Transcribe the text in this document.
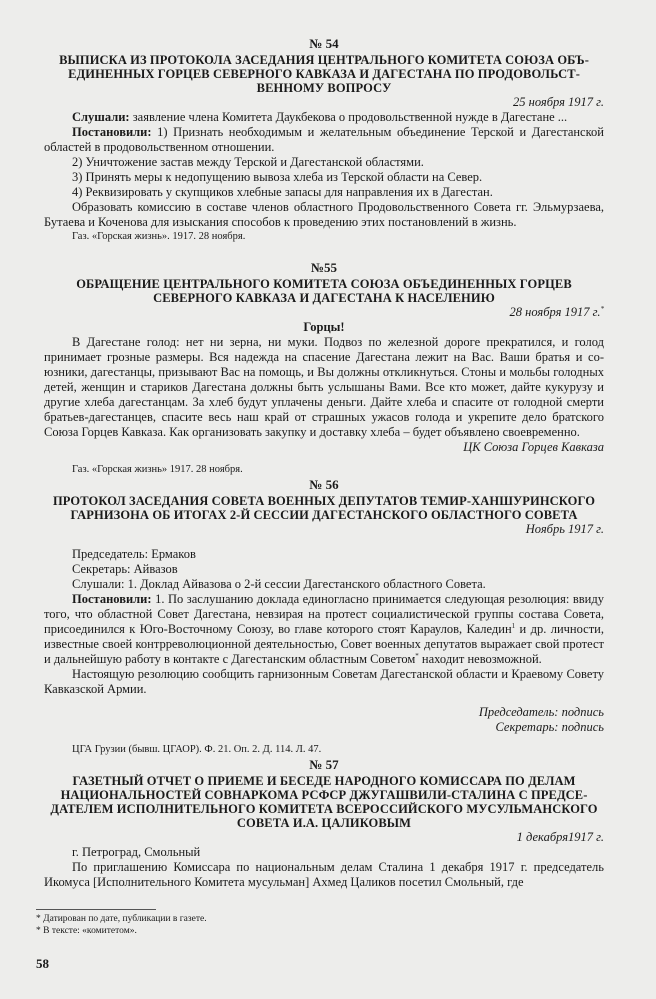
№ 54
ВЫПИСКА ИЗ ПРОТОКОЛА ЗАСЕДАНИЯ ЦЕНТРАЛЬНОГО КОМИТЕТА СОЮЗА ОБЪЕДИНЕННЫХ ГОРЦЕВ СЕВЕРНОГО КАВКАЗА И ДАГЕСТАНА ПО ПРОДОВОЛЬСТВЕННОМУ ВОПРОСУ
25 ноября 1917 г.

Слушали: заявление члена Комитета Даукбекова о продовольственной нужде в Дагестане ...

Постановили: 1) Признать необходимым и желательным объединение Терской и Дагестанской областей в продовольственном отношении.

2) Уничтожение застав между Терской и Дагестанской областями.

3) Принять меры к недопущению вывоза хлеба из Терской области на Север.

4) Реквизировать у скупщиков хлебные запасы для направления их в Дагестан.

Образовать комиссию в составе членов областного Продовольственного Совета гг. Эльмурзаева, Бутаева и Коченова для изыскания способов к проведению этих постановлений в жизнь.

Газ. «Горская жизнь». 1917. 28 ноября.
№55
ОБРАЩЕНИЕ ЦЕНТРАЛЬНОГО КОМИТЕТА СОЮЗА ОБЪЕДИНЕННЫХ ГОРЦЕВ СЕВЕРНОГО КАВКАЗА И ДАГЕСТАНА К НАСЕЛЕНИЮ
28 ноября 1917 г.*
Горцы!

В Дагестане голод: нет ни зерна, ни муки. Подвоз по железной дороге прекратился, и голод принимает грозные размеры. Вся надежда на спасение Дагестана лежит на Вас. Ваши братья и союзники, дагестанцы, призывают Вас на помощь, и Вы должны откликнуться. Стоны и мольбы голодных детей, женщин и стариков Дагестана должны быть услышаны Вами. Все кто может, дайте кукурузу и другие хлеба дагестанцам. За хлеб будут уплачены деньги. Дайте хлеба и спасите от голодной смерти братьев-дагестанцев, спасите весь наш край от страшных ужасов голода и укрепите дело братского Союза Горцев Кавказа. Как организовать закупку и доставку хлеба – будет объявлено своевременно.

ЦК Союза Горцев Кавказа
Газ. «Горская жизнь» 1917. 28 ноября.
№ 56
ПРОТОКОЛ ЗАСЕДАНИЯ СОВЕТА ВОЕННЫХ ДЕПУТАТОВ ТЕМИР-ХАНШУРИНСКОГО ГАРНИЗОНА ОБ ИТОГАХ 2-Й СЕССИИ ДАГЕСТАНСКОГО ОБЛАСТНОГО СОВЕТА
Ноябрь 1917 г.

Председатель: Ермаков

Секретарь: Айвазов

Слушали: 1. Доклад Айвазова о 2-й сессии Дагестанского областного Совета.

Постановили: 1. По заслушанию доклада единогласно принимается следующая резолюция: ввиду того, что областной Совет Дагестана, невзирая на протест социалистической группы состава Совета, присоединился к Юго-Восточному Союзу, во главе которого стоят Караулов, Каледин$^1$ и др. личности, известные своей контрреволюционной деятельностью, Совет военных депутатов выражает свой протест и дальнейшую работу в контакте с Дагестанским областным Советом* находит невозможной.

Настоящую резолюцию сообщить гарнизонным Советам Дагестанской области и Краевому Совету Кавказской Армии.

Председатель: подпись
Секретарь: подпись
ЦГА Грузии (бывш. ЦГАОР). Ф. 21. Оп. 2. Д. 114. Л. 47.
№ 57
ГАЗЕТНЫЙ ОТЧЕТ О ПРИЕМЕ И БЕСЕДЕ НАРОДНОГО КОМИССАРА ПО ДЕЛАМ НАЦИОНАЛЬНОСТЕЙ СОВНАРКОМА РСФСР ДЖУГАШВИЛИ-СТАЛИНА С ПРЕДСЕДАТЕЛЕМ ИСПОЛНИТЕЛЬНОГО КОМИТЕТА ВСЕРОССИЙСКОГО МУСУЛЬМАНСКОГО СОВЕТА И.А. ЦАЛИКОВЫМ
1 декабря1917 г.

г. Петроград, Смольный

По приглашению Комиссара по национальным делам Сталина 1 декабря 1917 г. председатель Икомуса [Исполнительного Комитета мусульман] Ахмед Цаликов посетил Смольный, где

* Датирован по дате, публикации в газете.

* В тексте: «комитетом».

58
